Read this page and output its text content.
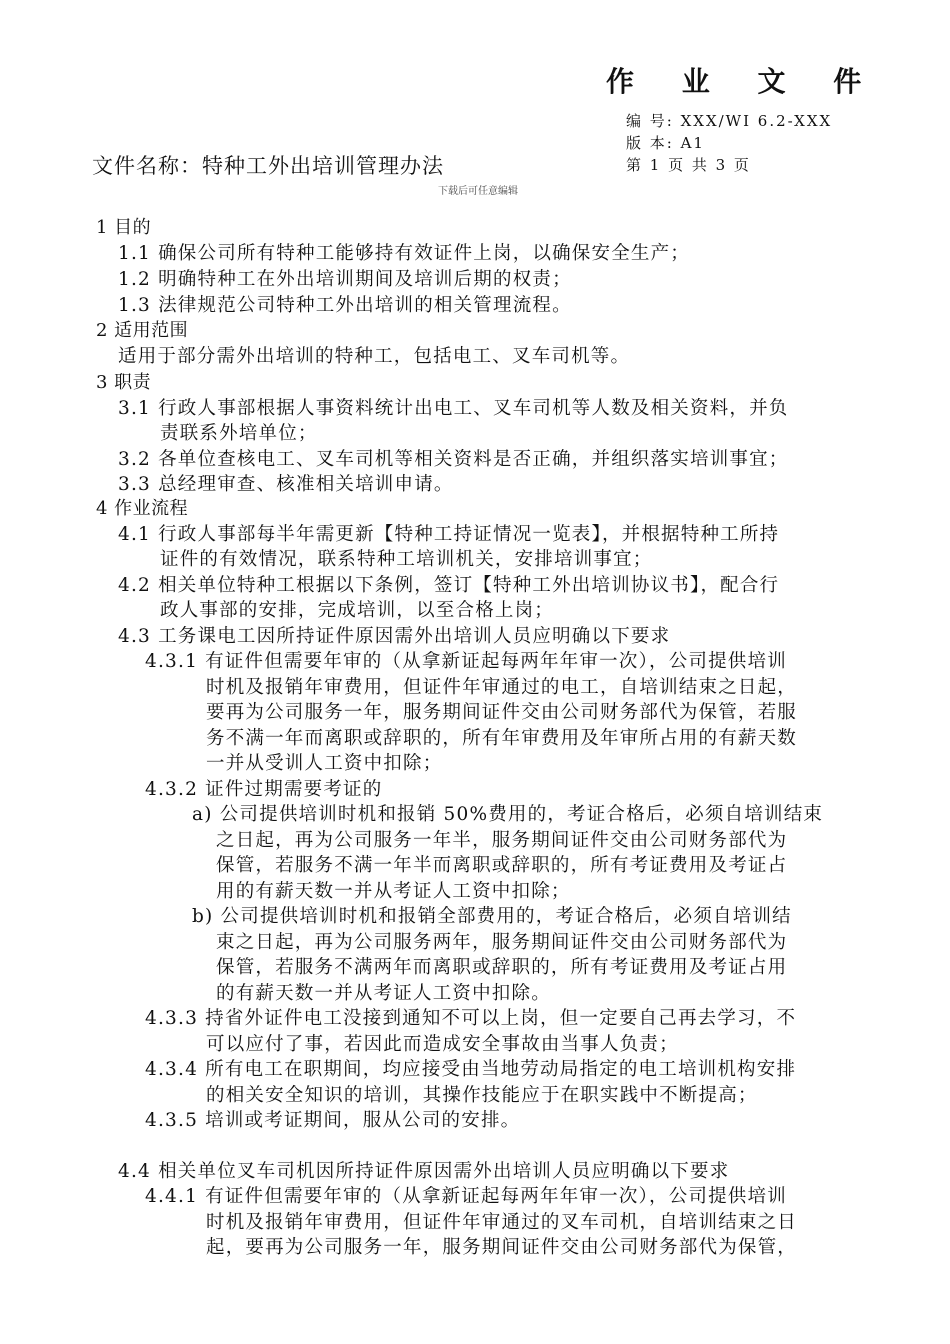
作 业 文 件
编 号: XXX/WI 6.2-XXX
版 本: A1
第 1 页 共 3 页
文件名称：特种工外出培训管理办法
下载后可任意编辑
1 目的
1.1 确保公司所有特种工能够持有效证件上岗，以确保安全生产；
1.2 明确特种工在外出培训期间及培训后期的权责；
1.3 法律规范公司特种工外出培训的相关管理流程。
2 适用范围
适用于部分需外出培训的特种工，包括电工、叉车司机等。
3 职责
3.1 行政人事部根据人事资料统计出电工、叉车司机等人数及相关资料，并负
责联系外培单位；
3.2 各单位查核电工、叉车司机等相关资料是否正确，并组织落实培训事宜；
3.3 总经理审查、核准相关培训申请。
4 作业流程
4.1 行政人事部每半年需更新【特种工持证情况一览表】，并根据特种工所持
证件的有效情况，联系特种工培训机关，安排培训事宜；
4.2 相关单位特种工根据以下条例，签订【特种工外出培训协议书】，配合行
政人事部的安排，完成培训，以至合格上岗；
4.3 工务课电工因所持证件原因需外出培训人员应明确以下要求
4.3.1 有证件但需要年审的（从拿新证起每两年年审一次），公司提供培训
时机及报销年审费用，但证件年审通过的电工，自培训结束之日起，
要再为公司服务一年，服务期间证件交由公司财务部代为保管，若服
务不满一年而离职或辞职的，所有年审费用及年审所占用的有薪天数
一并从受训人工资中扣除；
4.3.2 证件过期需要考证的
a) 公司提供培训时机和报销 50%费用的，考证合格后，必须自培训结束
之日起，再为公司服务一年半，服务期间证件交由公司财务部代为
保管，若服务不满一年半而离职或辞职的，所有考证费用及考证占
用的有薪天数一并从考证人工资中扣除；
b) 公司提供培训时机和报销全部费用的，考证合格后，必须自培训结
束之日起，再为公司服务两年，服务期间证件交由公司财务部代为
保管，若服务不满两年而离职或辞职的，所有考证费用及考证占用
的有薪天数一并从考证人工资中扣除。
4.3.3 持省外证件电工没接到通知不可以上岗，但一定要自己再去学习，不
可以应付了事，若因此而造成安全事故由当事人负责；
4.3.4 所有电工在职期间，均应接受由当地劳动局指定的电工培训机构安排
的相关安全知识的培训，其操作技能应于在职实践中不断提高；
4.3.5 培训或考证期间，服从公司的安排。
4.4 相关单位叉车司机因所持证件原因需外出培训人员应明确以下要求
4.4.1 有证件但需要年审的（从拿新证起每两年年审一次），公司提供培训
时机及报销年审费用，但证件年审通过的叉车司机，自培训结束之日
起，要再为公司服务一年，服务期间证件交由公司财务部代为保管，
